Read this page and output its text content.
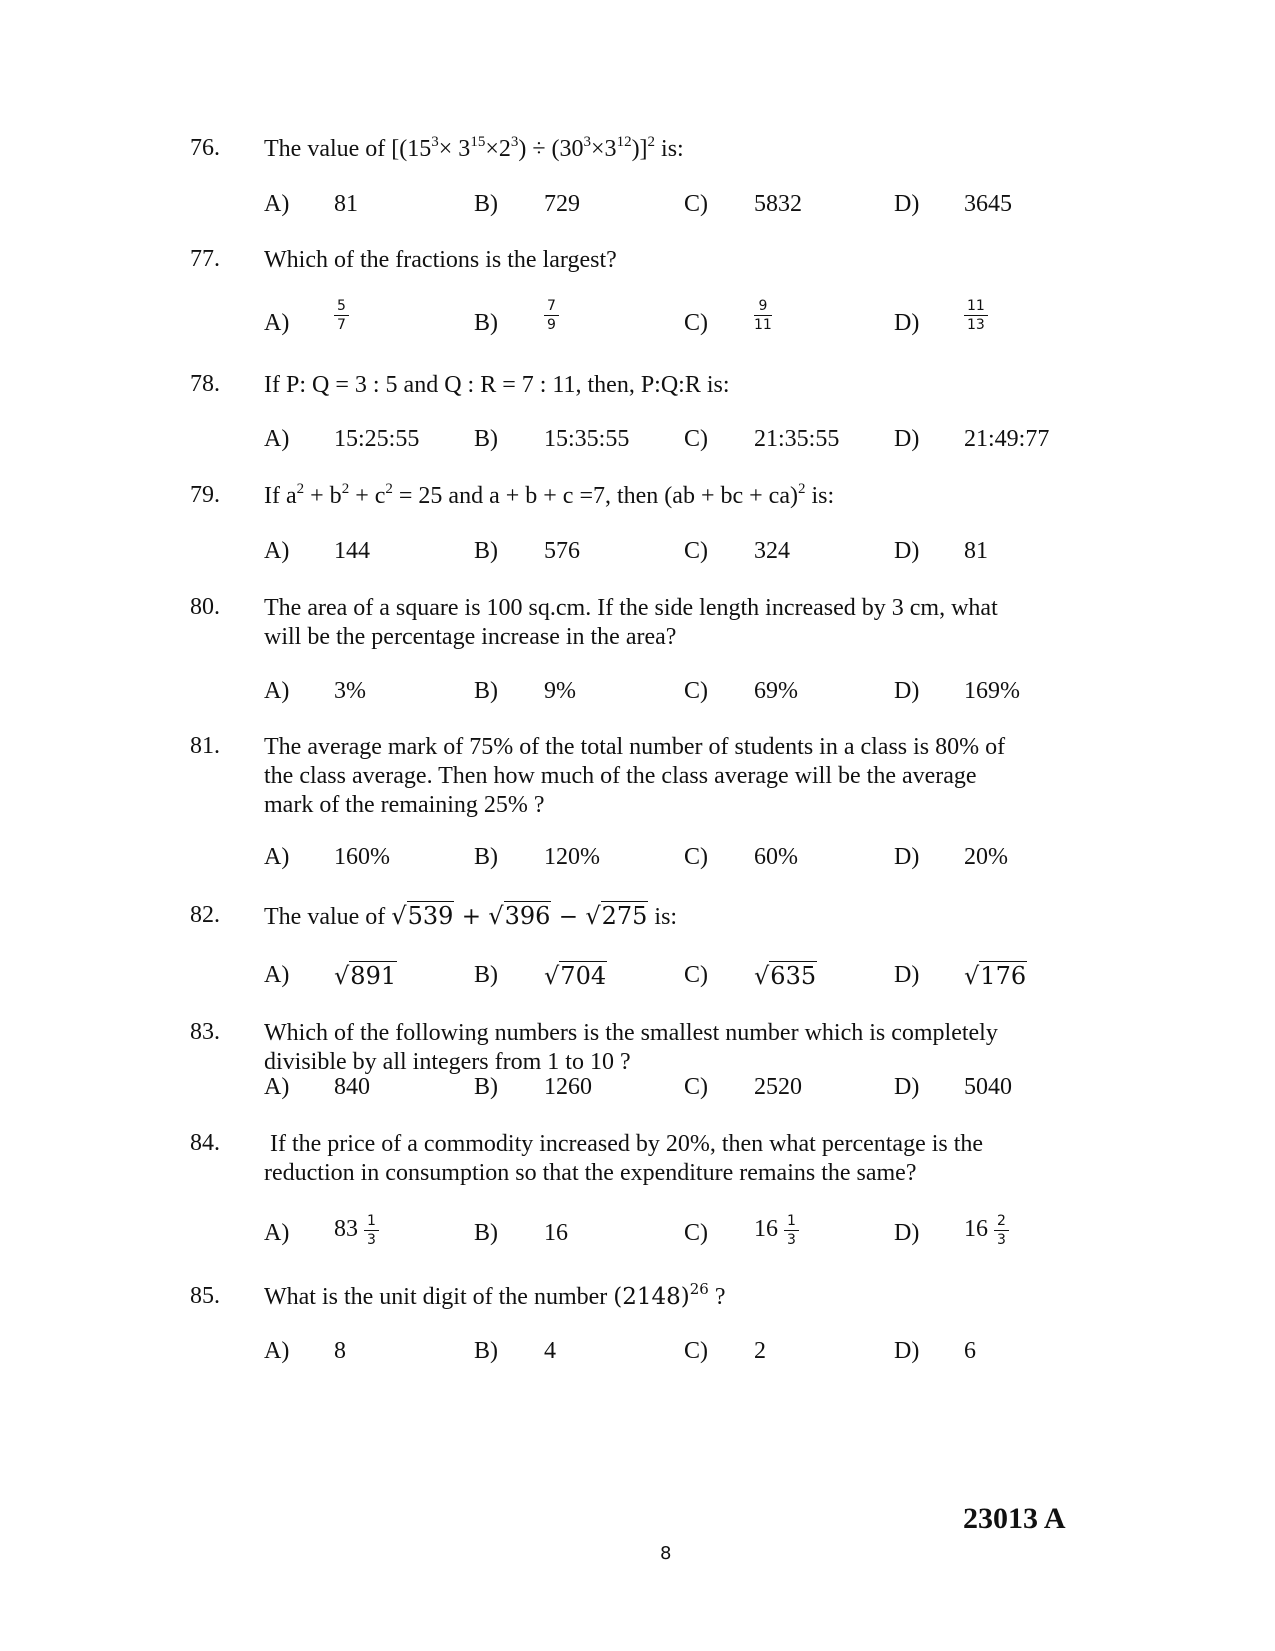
76.	The value of $[(15^3\times 3^{15}\times 2^3) \div (30^3\times 3^{12})]^2$ is:
A) 81	B) 729	C) 5832	D) 3645
77.	Which of the fractions is the largest?
A)	$\frac{5}{7}$	B)	$\frac{7}{9}$	C)	$\frac{9}{11}$	D)	$\frac{11}{13}$
78.	If P: Q = 3 : 5 and Q : R = 7 : 11, then, P:Q:R is:
A) 15:25:55 B) 15:35:55 C) 21:35:55 D) 21:49:77
79.	If $a^2 + b^2 + c^2 = 25$ and a + b + c =7, then (ab + bc + ca)$^2$ is:
A) 144	B) 576	C) 324	D) 81
80.	The area of a square is 100 sq.cm. If the side length increased by 3 cm, what
will be the percentage increase in the area?
A) 3%	B) 9%	C) 69%	D) 169%
81.	The average mark of 75% of the total number of students in a class is 80% of
the class average. Then how much of the class average will be the average
mark of the remaining 25% ?
A) 160%	B) 120%	C) 60%	D) 20%
82.	The value of √539 + √396 − √275 is:
A) √891	B) √704	C) √635	D) √176
83.	Which of the following numbers is the smallest number which is completely
divisible by all integers from 1 to 10 ?
A) 840	B) 1260	C) 2520	D) 5040
84.	If the price of a commodity increased by 20%, then what percentage is the
reduction in consumption so that the expenditure remains the same?
A) $83 \frac{1}{3}$	B) 16	C) $16 \frac{1}{3}$	D) $16 \frac{2}{3}$
85.	What is the unit digit of the number $(2148)^{26}$ ?
A) 8	B) 4	C) 2	D) 6
8
23013 A
